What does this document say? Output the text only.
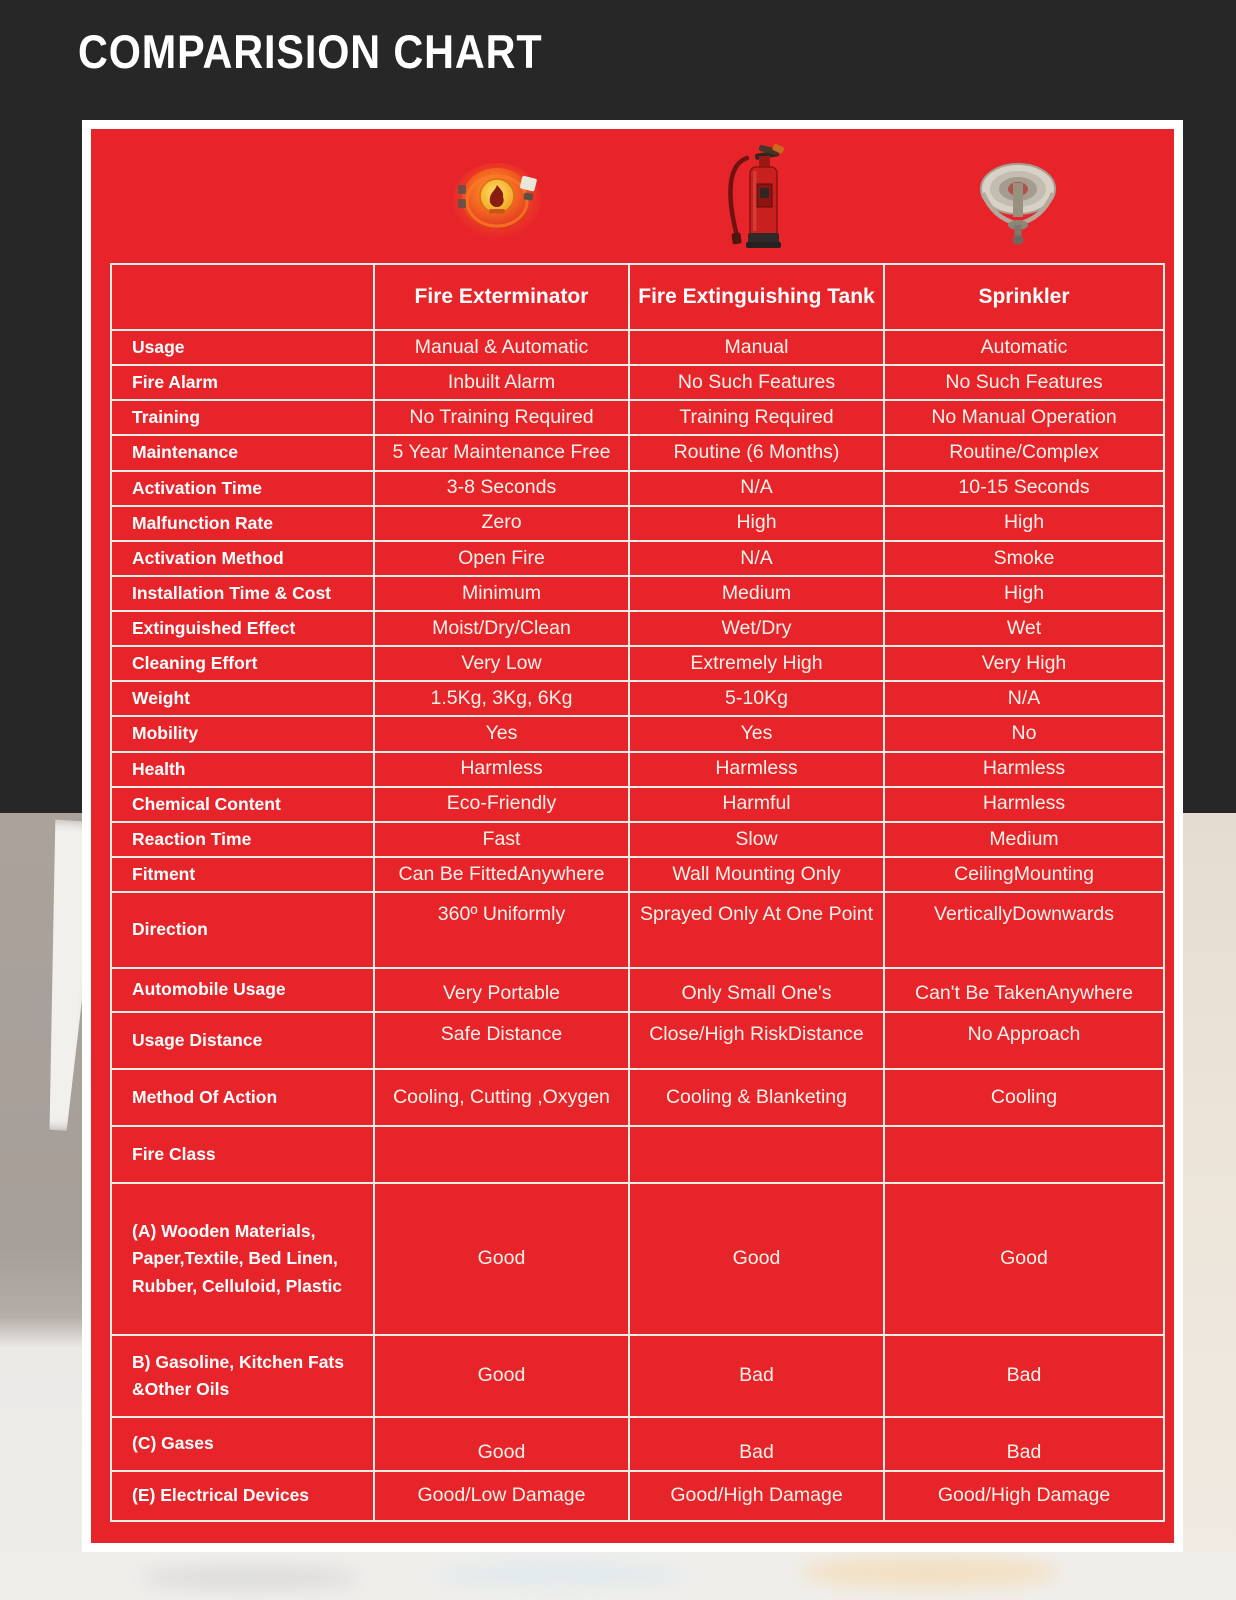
COMPARISION CHART
	Fire Exterminator	Fire Extinguishing Tank	Sprinkler
Usage	Manual & Automatic	Manual	Automatic
Fire Alarm	Inbuilt Alarm	No Such Features	No Such Features
Training	No Training Required	Training Required	No Manual Operation
Maintenance	5 Year Maintenance Free	Routine (6 Months)	Routine/Complex
Activation Time	3-8 Seconds	N/A	10-15 Seconds
Malfunction Rate	Zero	High	High
Activation Method	Open Fire	N/A	Smoke
Installation Time & Cost	Minimum	Medium	High
Extinguished Effect	Moist/Dry/Clean	Wet/Dry	Wet
Cleaning Effort	Very Low	Extremely High	Very High
Weight	1.5Kg, 3Kg, 6Kg	5-10Kg	N/A
Mobility	Yes	Yes	No
Health	Harmless	Harmless	Harmless
Chemical Content	Eco-Friendly	Harmful	Harmless
Reaction Time	Fast	Slow	Medium
Fitment	Can Be FittedAnywhere	Wall Mounting Only	CeilingMounting
Direction	360º Uniformly	Sprayed Only At One Point	VerticallyDownwards
Automobile Usage	Very Portable	Only Small One's	Can't Be TakenAnywhere
Usage Distance	Safe Distance	Close/High RiskDistance	No Approach
Method Of Action	Cooling, Cutting ,Oxygen	Cooling & Blanketing	Cooling
Fire Class			
(A) Wooden Materials, Paper,Textile, Bed Linen, Rubber, Celluloid, Plastic	Good	Good	Good
B) Gasoline, Kitchen Fats &Other Oils	Good	Bad	Bad
(C) Gases	Good	Bad	Bad
(E) Electrical Devices	Good/Low Damage	Good/High Damage	Good/High Damage
